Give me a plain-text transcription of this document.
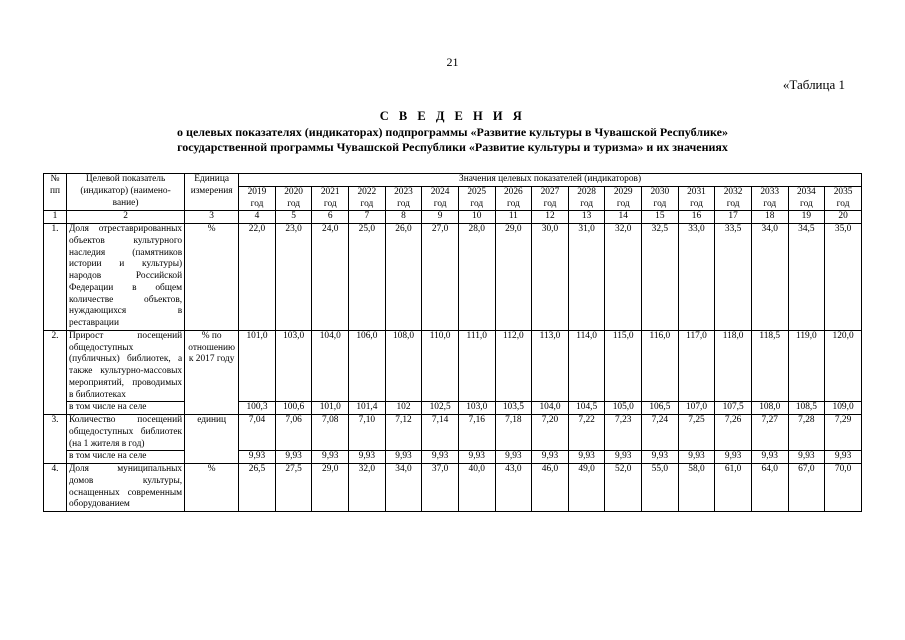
21
«Таблица 1
С В Е Д Е Н И Я
о целевых показателях (индикаторах) подпрограммы «Развитие культуры в Чувашской Республике»
государственной программы Чувашской Республики «Развитие культуры и туризма» и их значениях
№ пп	Целевой показатель (индикатор) (наимено-вание)	Единица измерения	Значения целевых показателей (индикаторов)																
			2019 год	2020 год	2021 год	2022 год	2023 год	2024 год	2025 год	2026 год	2027 год	2028 год	2029 год	2030 год	2031 год	2032 год	2033 год	2034 год	2035 год
1	2	3	4	5	6	7	8	9	10	11	12	13	14	15	16	17	18	19	20
1.	Доля отреставрированных объектов культурного наследия (памятников истории и культуры) народов Российской Федерации в общем количестве объектов, нуждающихся в реставрации	%	22,0	23,0	24,0	25,0	26,0	27,0	28,0	29,0	30,0	31,0	32,0	32,5	33,0	33,5	34,0	34,5	35,0
2.	Прирост посещений общедоступных (публичных) библиотек, а также культурно-массовых мероприятий, проводимых в библиотеках	% по отношению к 2017 году	101,0	103,0	104,0	106,0	108,0	110,0	111,0	112,0	113,0	114,0	115,0	116,0	117,0	118,0	118,5	119,0	120,0
	в том числе на селе		100,3	100,6	101,0	101,4	102	102,5	103,0	103,5	104,0	104,5	105,0	106,5	107,0	107,5	108,0	108,5	109,0
3.	Количество посещений общедоступных библиотек (на 1 жителя в год)	единиц	7,04	7,06	7,08	7,10	7,12	7,14	7,16	7,18	7,20	7,22	7,23	7,24	7,25	7,26	7,27	7,28	7,29
	в том числе на селе		9,93	9,93	9,93	9,93	9,93	9,93	9,93	9,93	9,93	9,93	9,93	9,93	9,93	9,93	9,93	9,93	9,93
4.	Доля муниципальных домов культуры, оснащенных современным оборудованием	%	26,5	27,5	29,0	32,0	34,0	37,0	40,0	43,0	46,0	49,0	52,0	55,0	58,0	61,0	64,0	67,0	70,0
